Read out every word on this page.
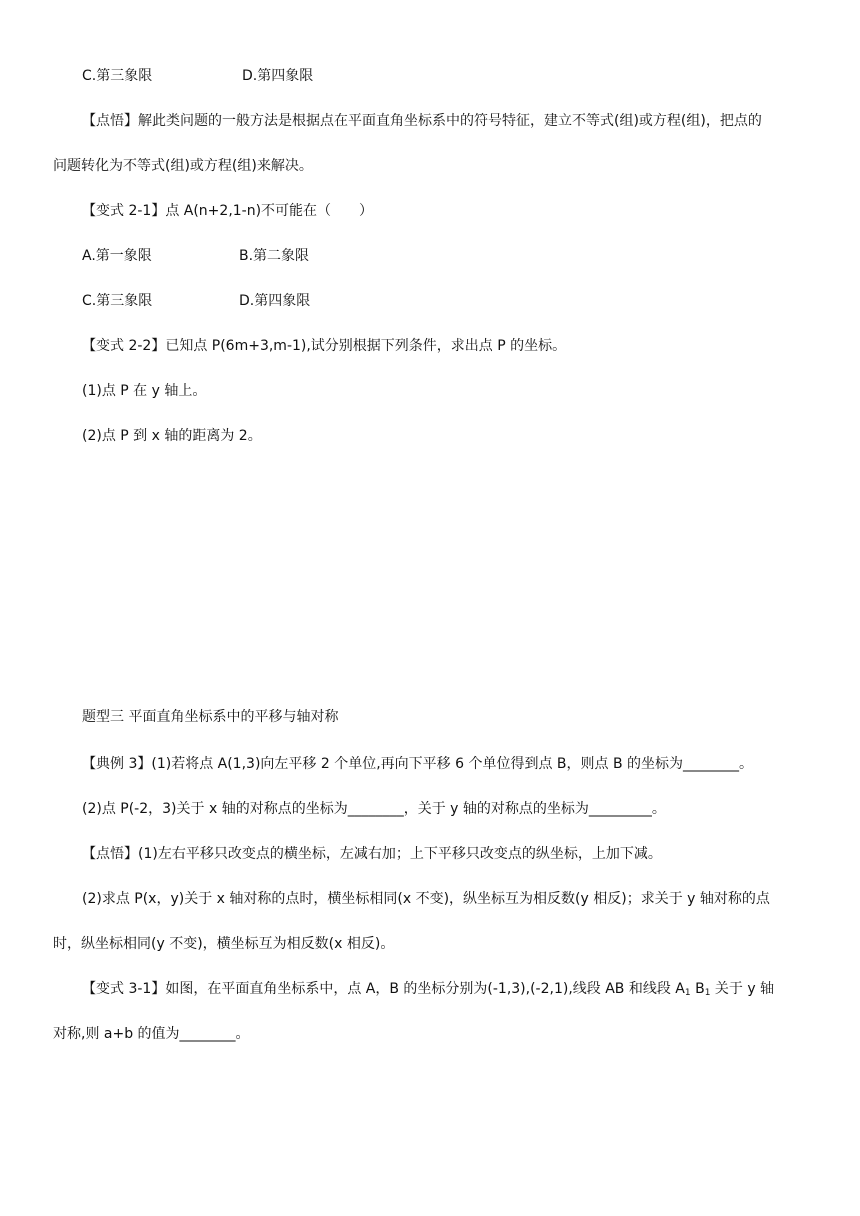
C.第三象限	D.第四象限
【点悟】解此类问题的一般方法是根据点在平面直角坐标系中的符号特征，建立不等式(组)或方程(组)，把点的
问题转化为不等式(组)或方程(组)来解决。
【变式 2-1】点 A(n+2,1-n)不可能在（　　）
A.第一象限	B.第二象限
C.第三象限	D.第四象限
【变式 2-2】已知点 P(6m+3,m-1),试分别根据下列条件，求出点 P 的坐标。
(1)点 P 在 y 轴上。
(2)点 P 到 x 轴的距离为 2。
题型三 平面直角坐标系中的平移与轴对称
【典例 3】(1)若将点 A(1,3)向左平移 2 个单位,再向下平移 6 个单位得到点 B，则点 B 的坐标为________。
(2)点 P(-2，3)关于 x 轴的对称点的坐标为________，关于 y 轴的对称点的坐标为_________。
【点悟】(1)左右平移只改变点的横坐标，左减右加；上下平移只改变点的纵坐标，上加下减。
(2)求点 P(x，y)关于 x 轴对称的点时，横坐标相同(x 不变)，纵坐标互为相反数(y 相反)；求关于 y 轴对称的点
时，纵坐标相同(y 不变)，横坐标互为相反数(x 相反)。
【变式 3-1】如图，在平面直角坐标系中，点 A，B 的坐标分别为(-1,3),(-2,1),线段 AB 和线段 $A_1$ $B_1$ 关于 y 轴
对称,则 a+b 的值为________。
